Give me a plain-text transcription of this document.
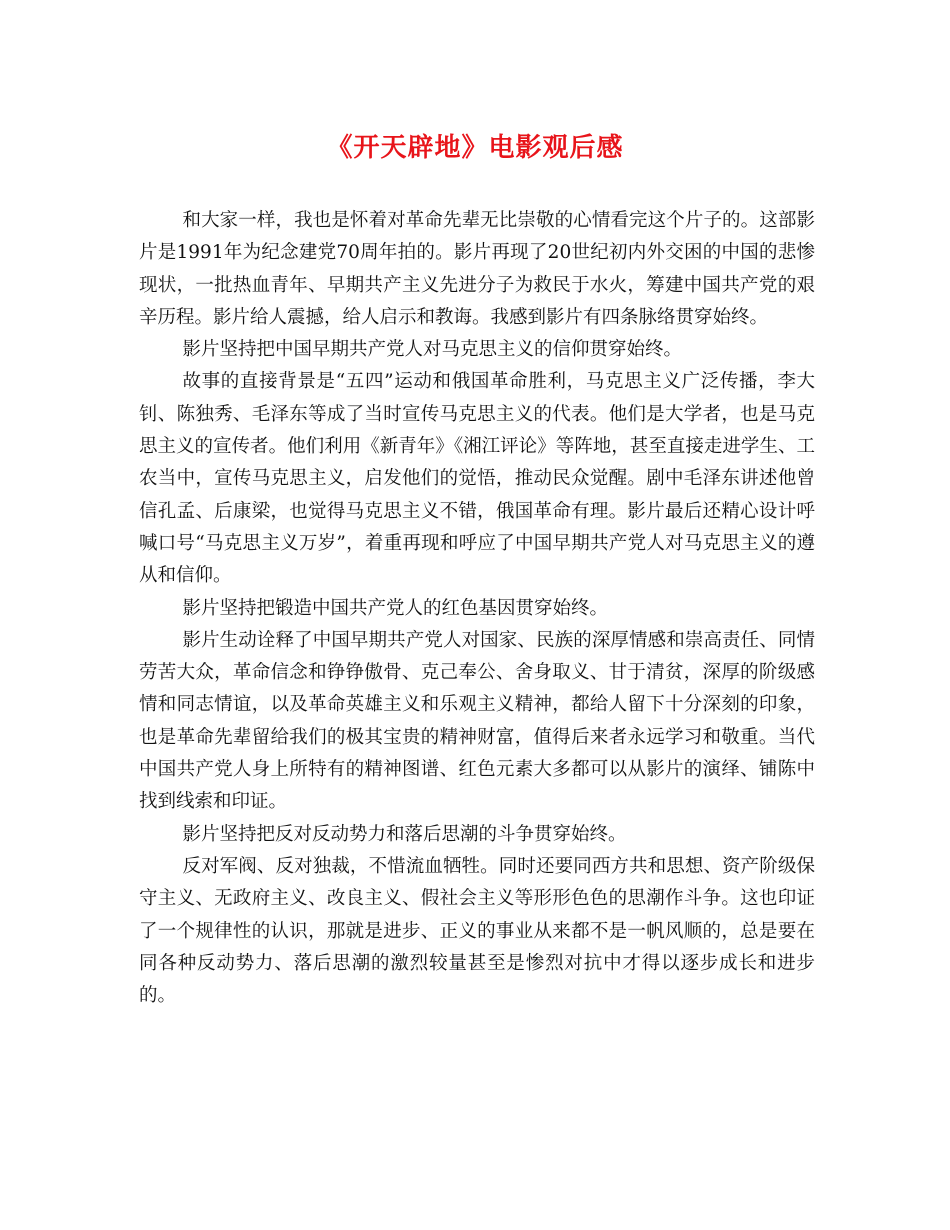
《开天辟地》电影观后感

和大家一样，我也是怀着对革命先辈无比崇敬的心情看完这个片子的。这部影片是1991年为纪念建党70周年拍的。影片再现了20世纪初内外交困的中国的悲惨现状，一批热血青年、早期共产主义先进分子为救民于水火，筹建中国共产党的艰辛历程。影片给人震撼，给人启示和教诲。我感到影片有四条脉络贯穿始终。

影片坚持把中国早期共产党人对马克思主义的信仰贯穿始终。

故事的直接背景是“五四”运动和俄国革命胜利，马克思主义广泛传播，李大钊、陈独秀、毛泽东等成了当时宣传马克思主义的代表。他们是大学者，也是马克思主义的宣传者。他们利用《新青年》《湘江评论》等阵地，甚至直接走进学生、工农当中，宣传马克思主义，启发他们的觉悟，推动民众觉醒。剧中毛泽东讲述他曾信孔孟、后康梁，也觉得马克思主义不错，俄国革命有理。影片最后还精心设计呼喊口号“马克思主义万岁”，着重再现和呼应了中国早期共产党人对马克思主义的遵从和信仰。

影片坚持把锻造中国共产党人的红色基因贯穿始终。

影片生动诠释了中国早期共产党人对国家、民族的深厚情感和崇高责任、同情劳苦大众，革命信念和铮铮傲骨、克己奉公、舍身取义、甘于清贫，深厚的阶级感情和同志情谊，以及革命英雄主义和乐观主义精神，都给人留下十分深刻的印象，也是革命先辈留给我们的极其宝贵的精神财富，值得后来者永远学习和敬重。当代中国共产党人身上所特有的精神图谱、红色元素大多都可以从影片的演绎、铺陈中找到线索和印证。

影片坚持把反对反动势力和落后思潮的斗争贯穿始终。

反对军阀、反对独裁，不惜流血牺牲。同时还要同西方共和思想、资产阶级保守主义、无政府主义、改良主义、假社会主义等形形色色的思潮作斗争。这也印证了一个规律性的认识，那就是进步、正义的事业从来都不是一帆风顺的，总是要在同各种反动势力、落后思潮的激烈较量甚至是惨烈对抗中才得以逐步成长和进步的。
